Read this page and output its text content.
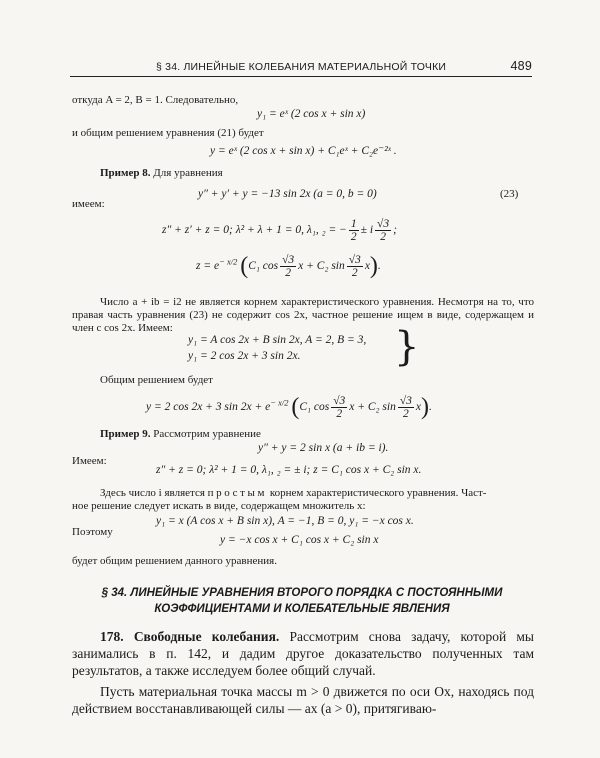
§ 34. ЛИНЕЙНЫЕ КОЛЕБАНИЯ МАТЕРИАЛЬНОЙ ТОЧКИ	489
откуда A = 2, B = 1. Следовательно,
y₁ = eˣ (2 cos x + sin x)
и общим решением уравнения (21) будет
y = eˣ (2 cos x + sin x) + C₁eˣ + C₂e⁻²ˣ .
Пример 8. Для уравнения
y″ + y′ + y = −13 sin 2x (a = 0, b = 0)	(23)
имеем:
z″ + z′ + z = 0; λ² + λ + 1 = 0, λ₁, ₂ = − $\frac{1}{2} \pm i \frac{√3}{2}$ ;
$z = e^{- x/2}$ (C₁ $\cos \frac{√3}{2}$ x + C₂ $\sin \frac{√3}{2} x$).
Число a + ib = i2 не является корнем характеристического уравнения. Несмотря на то, что правая часть уравнения (23) не содержит cos 2x, частное решение ищем в виде, содержащем и член с cos 2x. Имеем:
y₁ = A cos 2x + B sin 2x, A = 2, B = 3,
y₁ = 2 cos 2x + 3 sin 2x. }
Общим решением будет
y = 2 cos 2x + 3 $\sin 2x + e^{- x/2}$ (C₁ $\cos \frac{√3}{2}$ x + C₂ $\sin \frac{√3}{2} x$).
Пример 9. Рассмотрим уравнение
y″ + y = 2 sin x (a + ib = i).
Имеем:
z″ + z = 0; λ² + 1 = 0, λ₁, ₂ = ± i; z = C₁ cos x + C₂ sin x.
Здесь число i является простым корнем характеристического уравнения. Част-
ное решение следует искать в виде, содержащем множитель x:
y₁ = x (A cos x + B sin x), A = −1, B = 0, y₁ = −x cos x.
Поэтому
y = −x cos x + C₁ cos x + C₂ sin x
будет общим решением данного уравнения.
§ 34. ЛИНЕЙНЫЕ УРАВНЕНИЯ ВТОРОГО ПОРЯДКА С ПОСТОЯННЫМИ
КОЭФФИЦИЕНТАМИ И КОЛЕБАТЕЛЬНЫЕ ЯВЛЕНИЯ
178. Свободные колебания. Рассмотрим снова задачу, которой мы занимались в п. 142, и дадим другое доказательство полученных там результатов, а также исследуем более общий случай.
Пусть материальная точка массы m > 0 движется по оси Ox, находясь под действием восстанавливающей силы — ax (a > 0), притягиваю-
